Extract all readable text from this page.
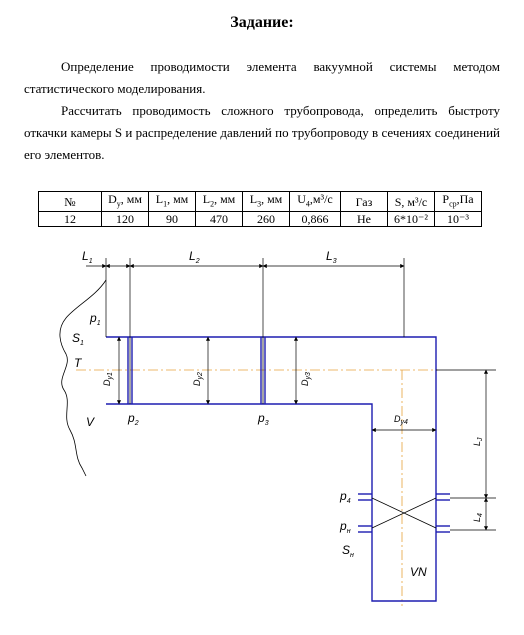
Задание:
Определение проводимости элемента вакуумной системы методом статистического моделирования.
Рассчитать проводимость сложного трубопровода, определить быстроту откачки камеры S и распределение давлений по трубопроводу в сечениях соединений его элементов.
№	$D_у$, мм	$L_1$, мм	$L_2$, мм	$L_3$, мм	$U_4,м^3/с$	Газ	S, м³/с	$P_{ср},Па$
12	120	90	470	260	0,866	Не	6*10⁻²	10⁻³
$L_1$	$L_2$	$L_3$
$p_1$
$S_1$
T
V	$p_2$	$p_3$
$p_4$
$p_н$
$S_н$
VN
$D_{у1}$
$D_{у2}$
$D_{у3}$
$D_{у4}$
$L_J$
$L_4$
